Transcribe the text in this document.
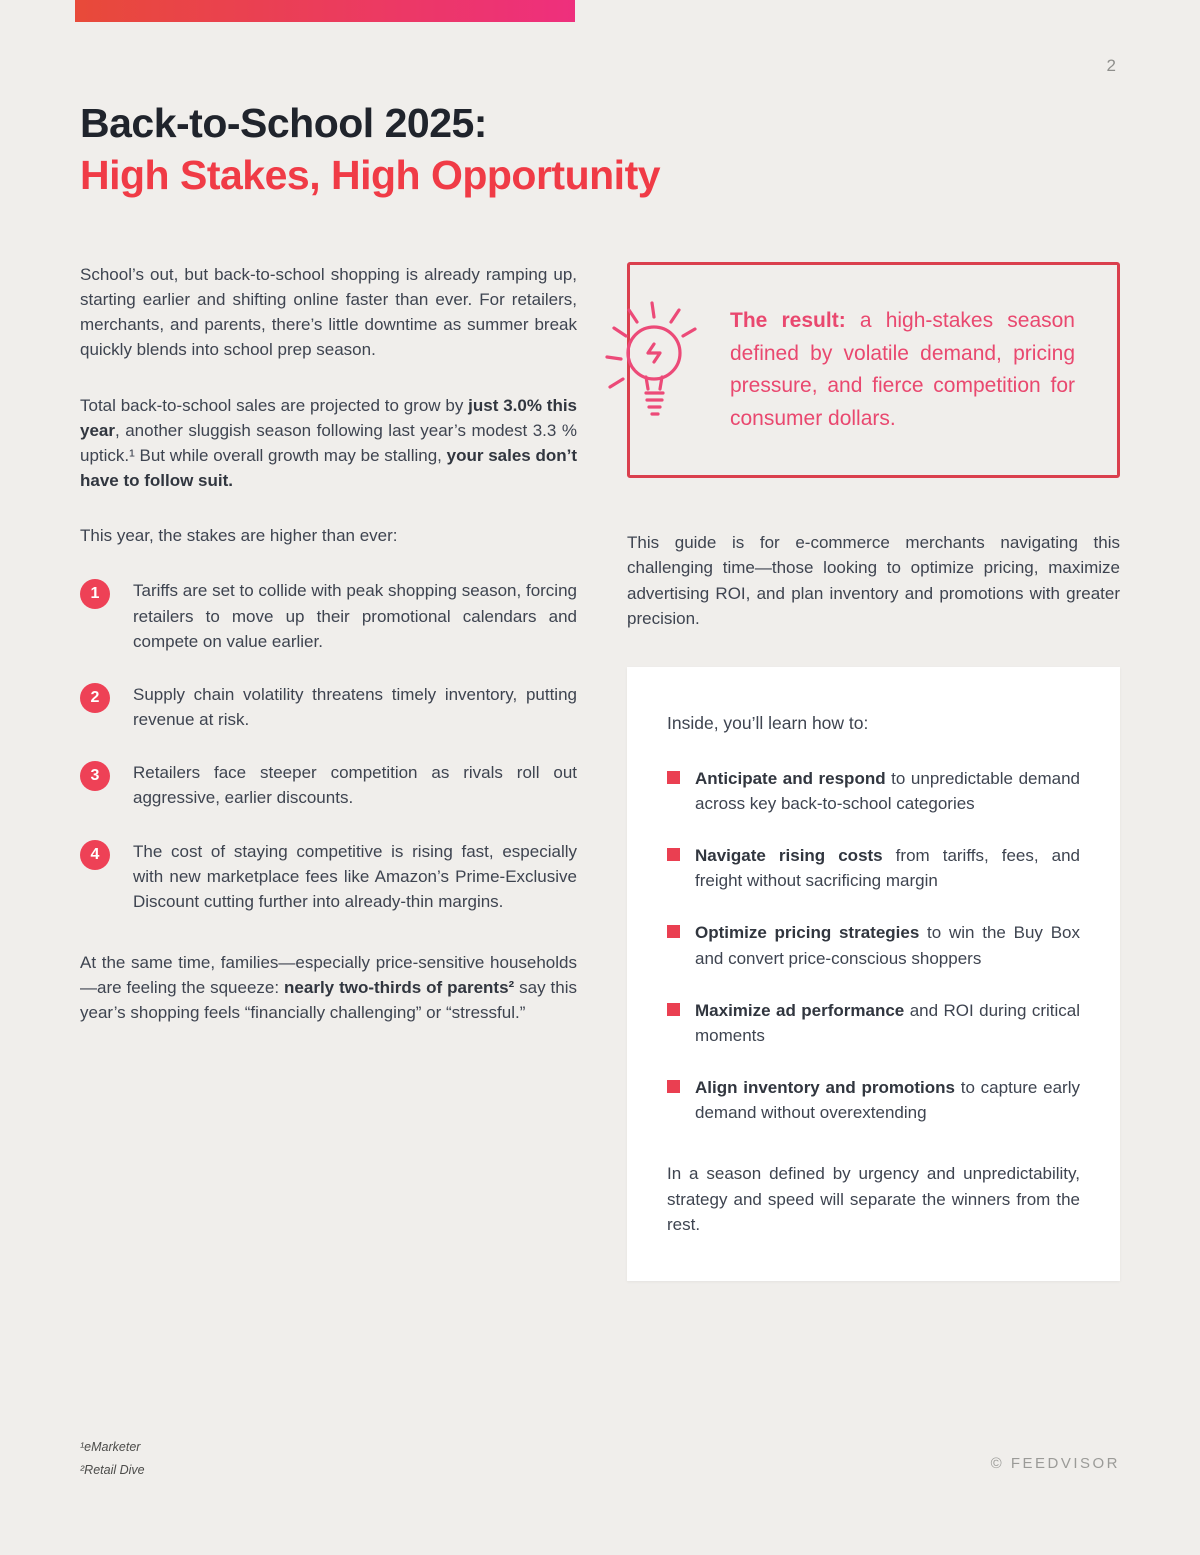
2
Back-to-School 2025:
High Stakes, High Opportunity

School’s out, but back-to-school shopping is already ramping up, starting earlier and shifting online faster than ever. For retailers, merchants, and parents, there’s little downtime as summer break quickly blends into school prep season.

Total back-to-school sales are projected to grow by just 3.0% this year, another sluggish season following last year’s modest 3.3 % uptick.¹ But while overall growth may be stalling, your sales don’t have to follow suit.

This year, the stakes are higher than ever:

1	Tariffs are set to collide with peak shopping season, forcing retailers to move up their promotional calendars and compete on value earlier.

2	Supply chain volatility threatens timely inventory, putting revenue at risk.

3	Retailers face steeper competition as rivals roll out aggressive, earlier discounts.

4	The cost of staying competitive is rising fast, especially with new marketplace fees like Amazon’s Prime-Exclusive Discount cutting further into already-thin margins.

At the same time, families—especially price-sensitive households—are feeling the squeeze: nearly two-thirds of parents² say this year’s shopping feels “financially challenging” or “stressful.”

The result: a high-stakes season defined by volatile demand, pricing pressure, and fierce competition for consumer dollars.

This guide is for e-commerce merchants navigating this challenging time—those looking to optimize pricing, maximize advertising ROI, and plan inventory and promotions with greater precision.

Inside, you’ll learn how to:

Anticipate and respond to unpredictable demand across key back-to-school categories

Navigate rising costs from tariffs, fees, and freight without sacrificing margin

Optimize pricing strategies to win the Buy Box and convert price-conscious shoppers

Maximize ad performance and ROI during critical moments

Align inventory and promotions to capture early demand without overextending

In a season defined by urgency and unpredictability, strategy and speed will separate the winners from the rest.

¹eMarketer
²Retail Dive	© FEEDVISOR
